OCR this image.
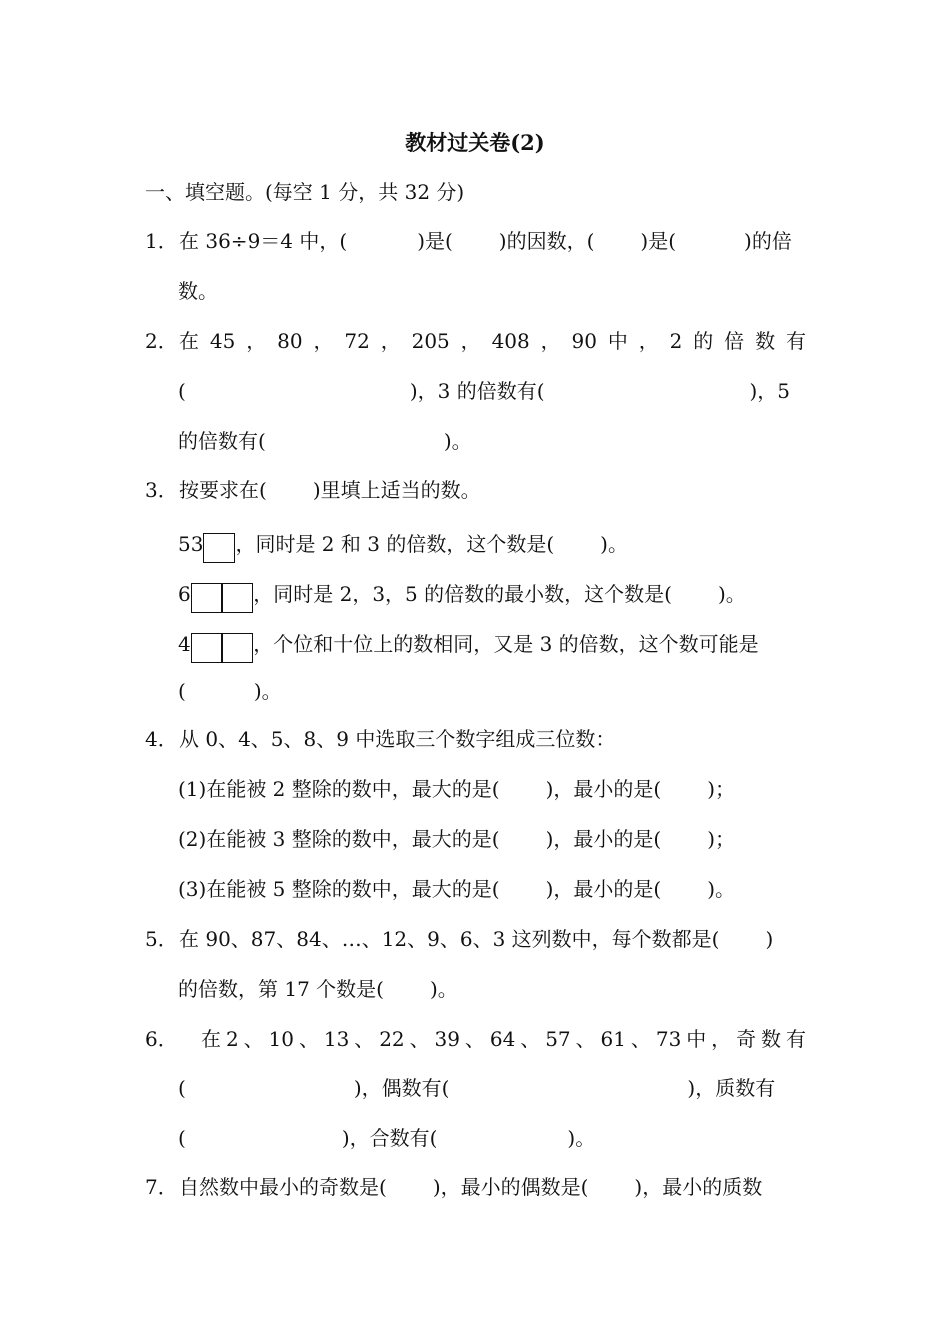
教材过关卷(2)
一、填空题。(每空 1 分，共 32 分)
1．在 36÷9＝4 中，(	)是( )的因数，( )是(	)的倍
数。
2． 在 45 ， 80 ， 72 ， 205 ， 408 ， 90 中 ， 2 的 倍 数 有
(	)，3 的倍数有(	)，5
的倍数有(	)。
3．按要求在( )里填上适当的数。
53 ，同时是 2 和 3 的倍数，这个数是( )。
6	，同时是 2，3，5 的倍数的最小数，这个数是( )。
4	，个位和十位上的数相同，又是 3 的倍数，这个数可能是
(	)。
4．从 0、4、5、8、9 中选取三个数字组成三位数：
(1)在能被 2 整除的数中，最大的是( )，最小的是( )；
(2)在能被 3 整除的数中，最大的是( )，最小的是( )；
(3)在能被 5 整除的数中，最大的是( )，最小的是( )。
5．在 90、87、84、…、12、9、6、3 这列数中，每个数都是( )
的倍数，第 17 个数是( )。
6． 在 2 、 10 、 13 、 22 、 39 、 64 、 57 、 61 、 73 中 ， 奇 数 有
(	)，偶数有(	)，质数有
(	)，合数有(	)。
7．自然数中最小的奇数是( )，最小的偶数是( )，最小的质数
